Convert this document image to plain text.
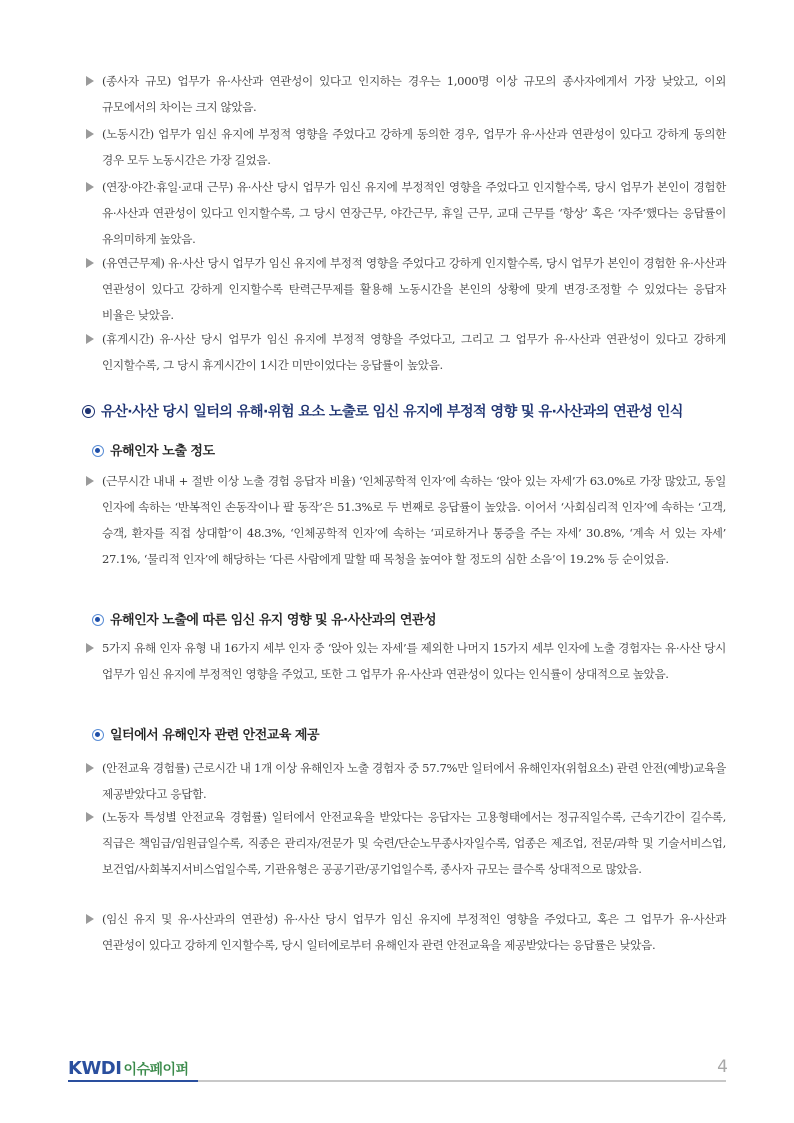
(종사자 규모) 업무가 유·사산과 연관성이 있다고 인지하는 경우는 1,000명 이상 규모의 종사자에게서 가장 낮았고, 이외 규모에서의 차이는 크지 않았음.
(노동시간) 업무가 임신 유지에 부정적 영향을 주었다고 강하게 동의한 경우, 업무가 유·사산과 연관성이 있다고 강하게 동의한 경우 모두 노동시간은 가장 길었음.
(연장·야간·휴일·교대 근무) 유·사산 당시 업무가 임신 유지에 부정적인 영향을 주었다고 인지할수록, 당시 업무가 본인이 경험한 유·사산과 연관성이 있다고 인지할수록, 그 당시 연장근무, 야간근무, 휴일 근무, 교대 근무를 ‘항상’ 혹은 ‘자주’했다는 응답률이 유의미하게 높았음.
(유연근무제) 유·사산 당시 업무가 임신 유지에 부정적 영향을 주었다고 강하게 인지할수록, 당시 업무가 본인이 경험한 유·사산과 연관성이 있다고 강하게 인지할수록 탄력근무제를 활용해 노동시간을 본인의 상황에 맞게 변경·조정할 수 있었다는 응답자 비율은 낮았음.
(휴게시간) 유·사산 당시 업무가 임신 유지에 부정적 영향을 주었다고, 그리고 그 업무가 유·사산과 연관성이 있다고 강하게 인지할수록, 그 당시 휴게시간이 1시간 미만이었다는 응답률이 높았음.
유산·사산 당시 일터의 유해·위험 요소 노출로 임신 유지에 부정적 영향 및 유·사산과의 연관성 인식
유해인자 노출 정도
(근무시간 내내 + 절반 이상 노출 경험 응답자 비율) ‘인체공학적 인자’에 속하는 ‘앉아 있는 자세’가 63.0%로 가장 많았고, 동일 인자에 속하는 ‘반복적인 손동작이나 팔 동작’은 51.3%로 두 번째로 응답률이 높았음. 이어서 ‘사회심리적 인자’에 속하는 ‘고객, 승객, 환자를 직접 상대함’이 48.3%, ‘인체공학적 인자’에 속하는 ‘피로하거나 통증을 주는 자세’ 30.8%, ‘계속 서 있는 자세’ 27.1%, ‘물리적 인자’에 해당하는 ‘다른 사람에게 말할 때 목청을 높여야 할 정도의 심한 소음’이 19.2% 등 순이었음.
유해인자 노출에 따른 임신 유지 영향 및 유·사산과의 연관성
5가지 유해 인자 유형 내 16가지 세부 인자 중 ‘앉아 있는 자세’를 제외한 나머지 15가지 세부 인자에 노출 경험자는 유·사산 당시 업무가 임신 유지에 부정적인 영향을 주었고, 또한 그 업무가 유·사산과 연관성이 있다는 인식률이 상대적으로 높았음.
일터에서 유해인자 관련 안전교육 제공
(안전교육 경험률) 근로시간 내 1개 이상 유해인자 노출 경험자 중 57.7%만 일터에서 유해인자(위험요소) 관련 안전(예방)교육을 제공받았다고 응답함.
(노동자 특성별 안전교육 경험률) 일터에서 안전교육을 받았다는 응답자는 고용형태에서는 정규직일수록, 근속기간이 길수록, 직급은 책임급/임원급일수록, 직종은 관리자/전문가 및 숙련/단순노무종사자일수록, 업종은 제조업, 전문/과학 및 기술서비스업, 보건업/사회복지서비스업일수록, 기관유형은 공공기관/공기업일수록, 종사자 규모는 클수록 상대적으로 많았음.
(임신 유지 및 유·사산과의 연관성) 유·사산 당시 업무가 임신 유지에 부정적인 영향을 주었다고, 혹은 그 업무가 유·사산과 연관성이 있다고 강하게 인지할수록, 당시 일터에로부터 유해인자 관련 안전교육을 제공받았다는 응답률은 낮았음.
KWDI 이슈페이퍼	4
